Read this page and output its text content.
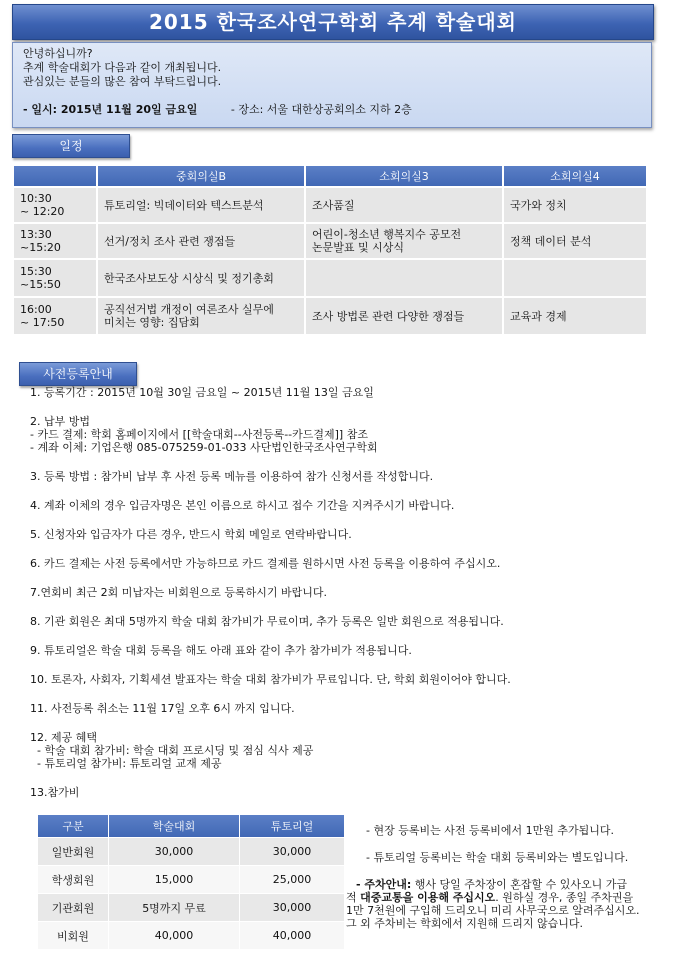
2015 한국조사연구학회 추계 학술대회
안녕하십니까?
추계 학술대회가 다음과 같이 개최됩니다.
관심있는 분들의 많은 참여 부탁드립니다.
- 일시: 2015년 11월 20일 금요일	- 장소: 서울 대한상공회의소 지하 2층
일정
	중회의실B	소회의실3	소회의실4
10:30
~ 12:20	튜토리얼: 빅데이터와 텍스트분석	조사품질	국가와 정치
13:30
~15:20	선거/정치 조사 관련 쟁점들	어린이-청소년 행복지수 공모전
논문발표 및 시상식	정책 데이터 분석
15:30
~15:50	한국조사보도상 시상식 및 정기총회		
16:00
~ 17:50	공직선거법 개정이 여론조사 실무에
미치는 영향: 집담회	조사 방법론 관련 다양한 쟁점들	교육과 경제
사전등록안내

1. 등록기간 : 2015년 10월 30일 금요일 ~ 2015년 11월 13일 금요일

2. 납부 방법

- 카드 결제: 학회 홈페이지에서 [[학술대회--사전등록--카드결제]] 참조

- 계좌 이체: 기업은행 085-075259-01-033 사단법인한국조사연구학회

3. 등록 방법 : 참가비 납부 후 사전 등록 메뉴를 이용하여 참가 신청서를 작성합니다.

4. 계좌 이체의 경우 입금자명은 본인 이름으로 하시고 접수 기간을 지켜주시기 바랍니다.

5. 신청자와 입금자가 다른 경우, 반드시 학회 메일로 연락바랍니다.

6. 카드 결제는 사전 등록에서만 가능하므로 카드 결제를 원하시면 사전 등록을 이용하여 주십시오.

7.연회비 최근 2회 미납자는 비회원으로 등록하시기 바랍니다.

8. 기관 회원은 최대 5명까지 학술 대회 참가비가 무료이며, 추가 등록은 일반 회원으로 적용됩니다.

9. 튜토리얼은 학술 대회 등록을 해도 아래 표와 같이 추가 참가비가 적용됩니다.

10. 토론자, 사회자, 기획세션 발표자는 학술 대회 참가비가 무료입니다. 단, 학회 회원이어야 합니다.

11. 사전등록 취소는 11월 17일 오후 6시 까지 입니다.

12. 제공 혜택

- 학술 대회 참가비: 학술 대회 프로시딩 및 점심 식사 제공

- 튜토리얼 참가비: 튜토리얼 교재 제공

13.참가비

구분	학술대회	튜토리얼
일반회원	30,000	30,000
학생회원	15,000	25,000
기관회원	5명까지 무료	30,000
비회원	40,000	40,000

- 현장 등록비는 사전 등록비에서 1만원 추가됩니다.

- 튜토리얼 등록비는 학술 대회 등록비와는 별도입니다.

- 주차안내: 행사 당일 주차장이 혼잡할 수 있사오니 가급
적 대중교통을 이용해 주십시오. 원하실 경우, 종일 주차권을
1만 7천원에 구입해 드리오니 미리 사무국으로 알려주십시오.
그 외 주차비는 학회에서 지원해 드리지 않습니다.
